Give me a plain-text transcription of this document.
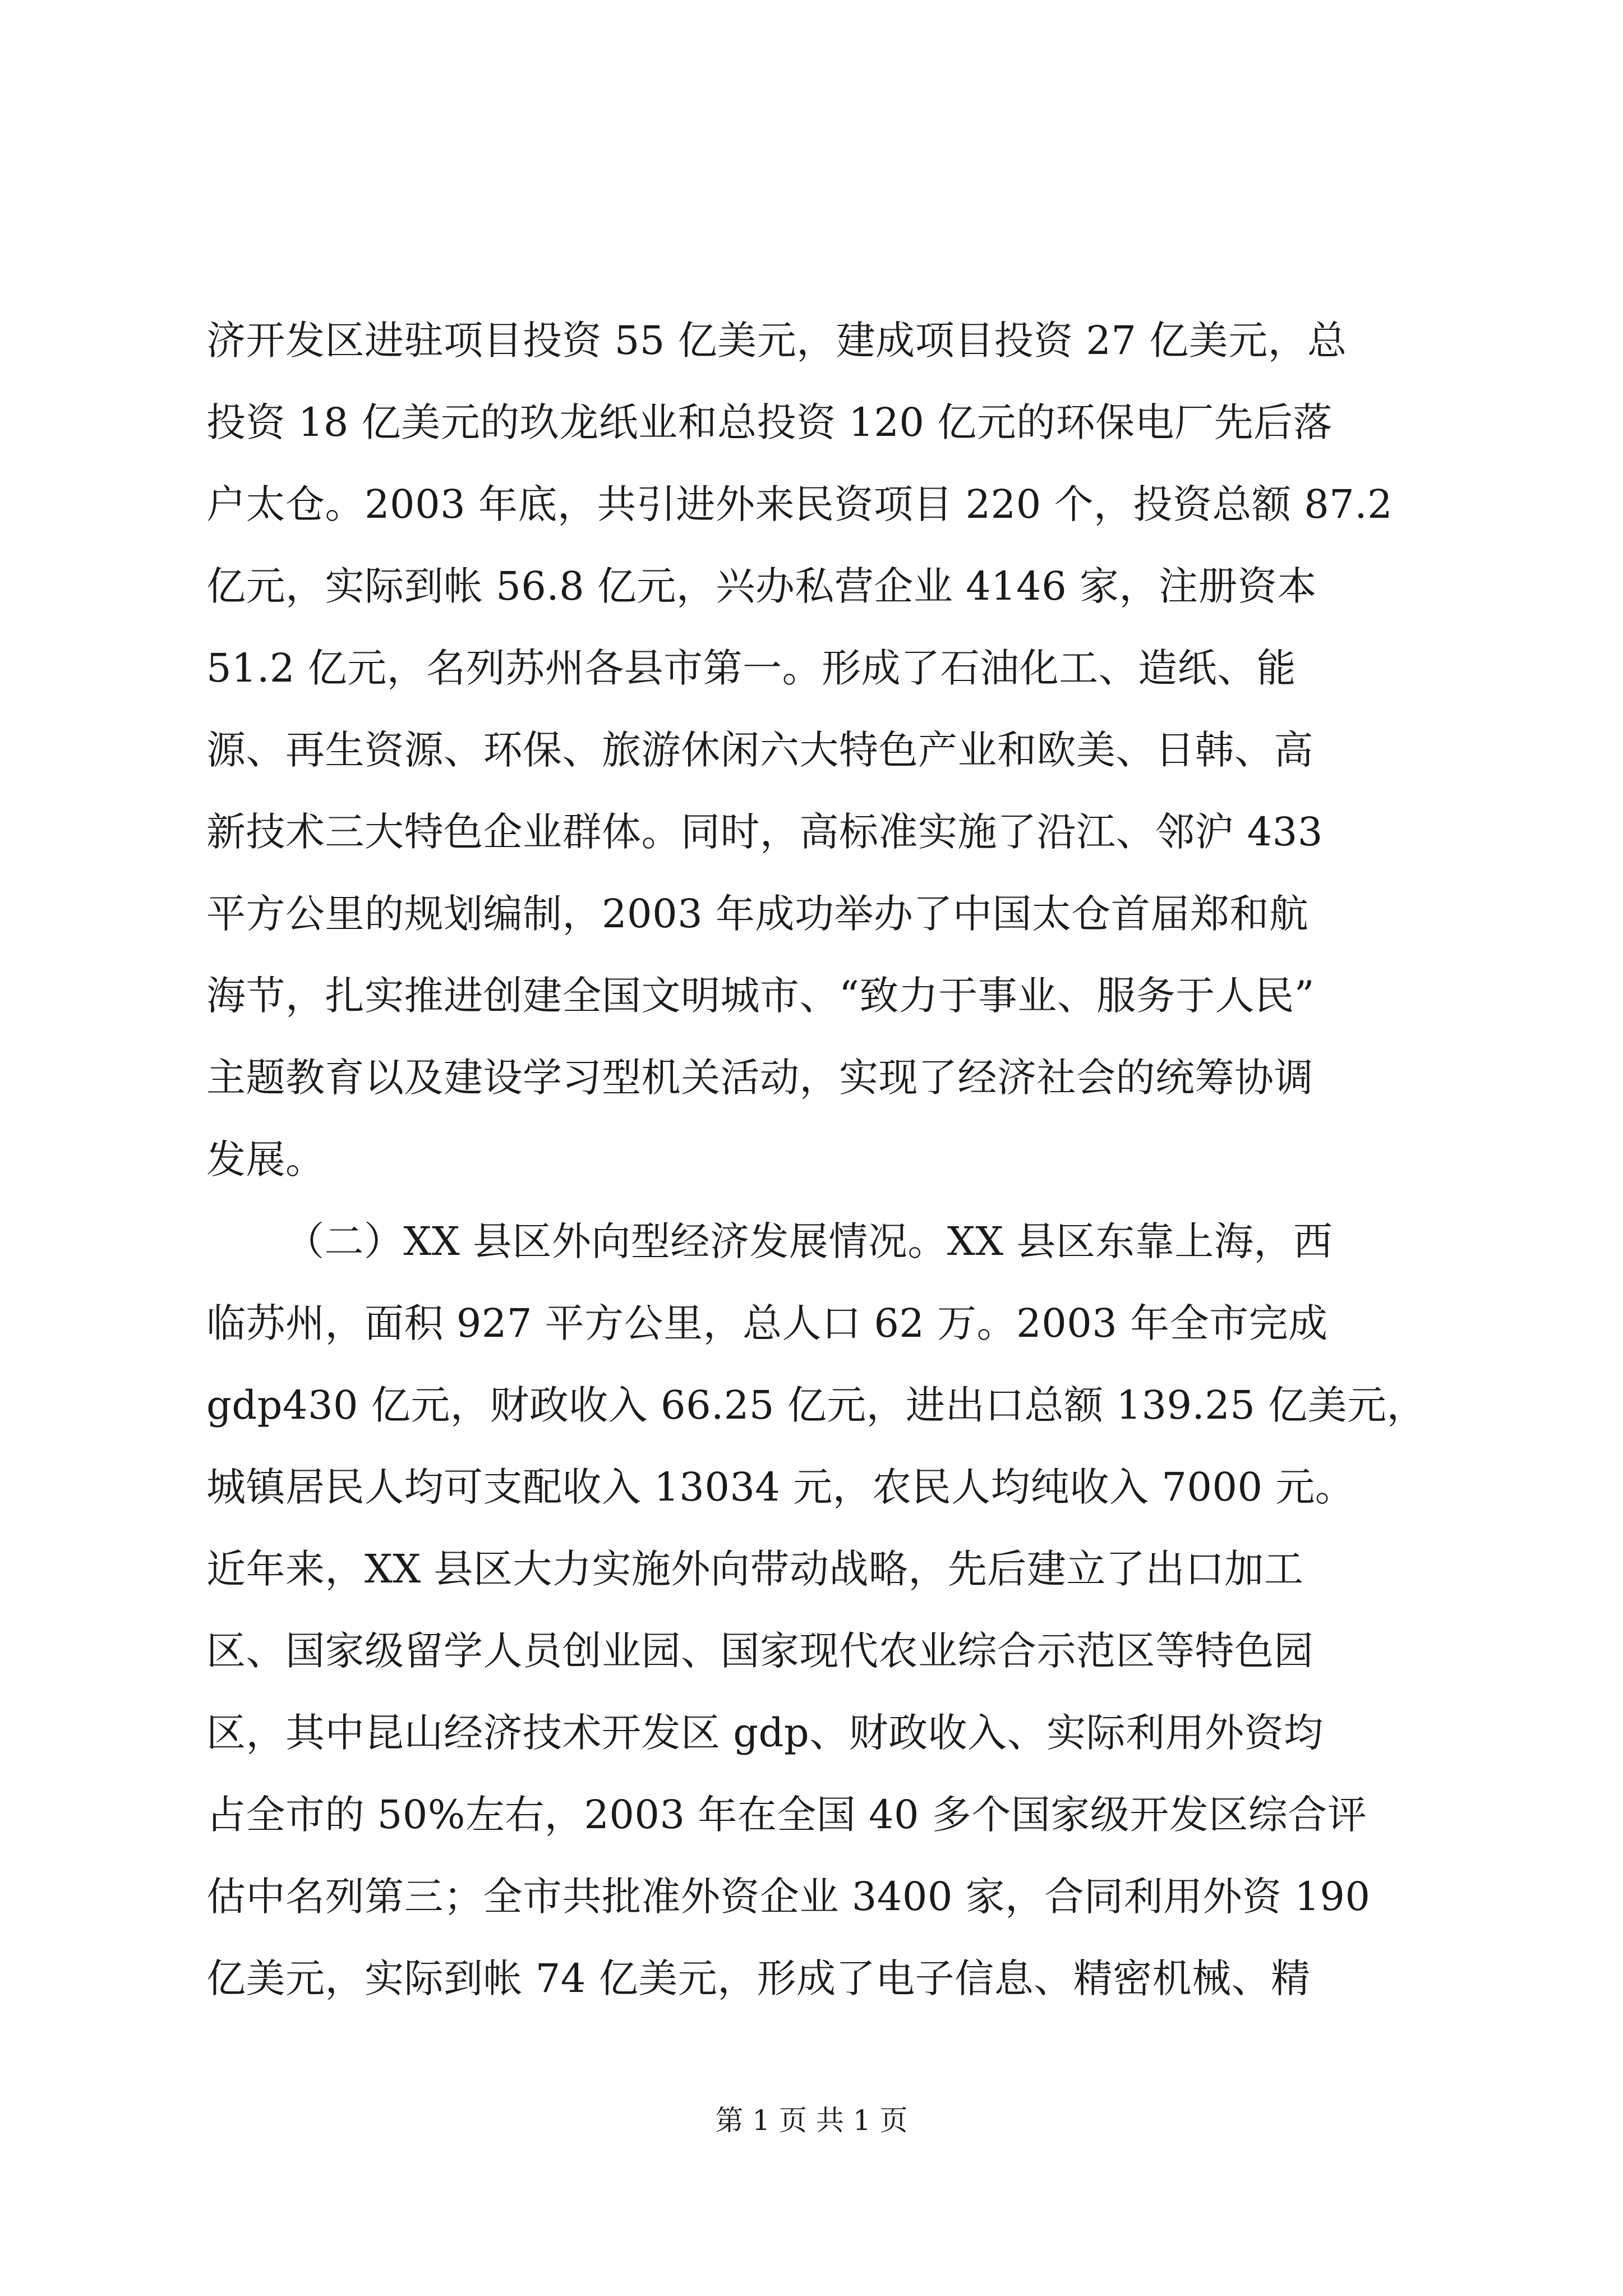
济开发区进驻项目投资 55 亿美元，建成项目投资 27 亿美元，总
投资 18 亿美元的玖龙纸业和总投资 120 亿元的环保电厂先后落
户太仓。2003 年底，共引进外来民资项目 220 个，投资总额 87.2
亿元，实际到帐 56.8 亿元，兴办私营企业 4146 家，注册资本
51.2 亿元，名列苏州各县市第一。形成了石油化工、造纸、能
源、再生资源、环保、旅游休闲六大特色产业和欧美、日韩、高
新技术三大特色企业群体。同时，高标准实施了沿江、邻沪 433
平方公里的规划编制，2003 年成功举办了中国太仓首届郑和航
海节，扎实推进创建全国文明城市、“致力于事业、服务于人民”
主题教育以及建设学习型机关活动，实现了经济社会的统筹协调
发展。
（二）XX 县区外向型经济发展情况。XX 县区东靠上海，西
临苏州，面积 927 平方公里，总人口 62 万。2003 年全市完成
gdp430 亿元，财政收入 66.25 亿元，进出口总额 139.25 亿美元，
城镇居民人均可支配收入 13034 元，农民人均纯收入 7000 元。
近年来，XX 县区大力实施外向带动战略，先后建立了出口加工
区、国家级留学人员创业园、国家现代农业综合示范区等特色园
区，其中昆山经济技术开发区 gdp、财政收入、实际利用外资均
占全市的 50%左右，2003 年在全国 40 多个国家级开发区综合评
估中名列第三；全市共批准外资企业 3400 家，合同利用外资 190
亿美元，实际到帐 74 亿美元，形成了电子信息、精密机械、精
第 1 页 共 1 页
